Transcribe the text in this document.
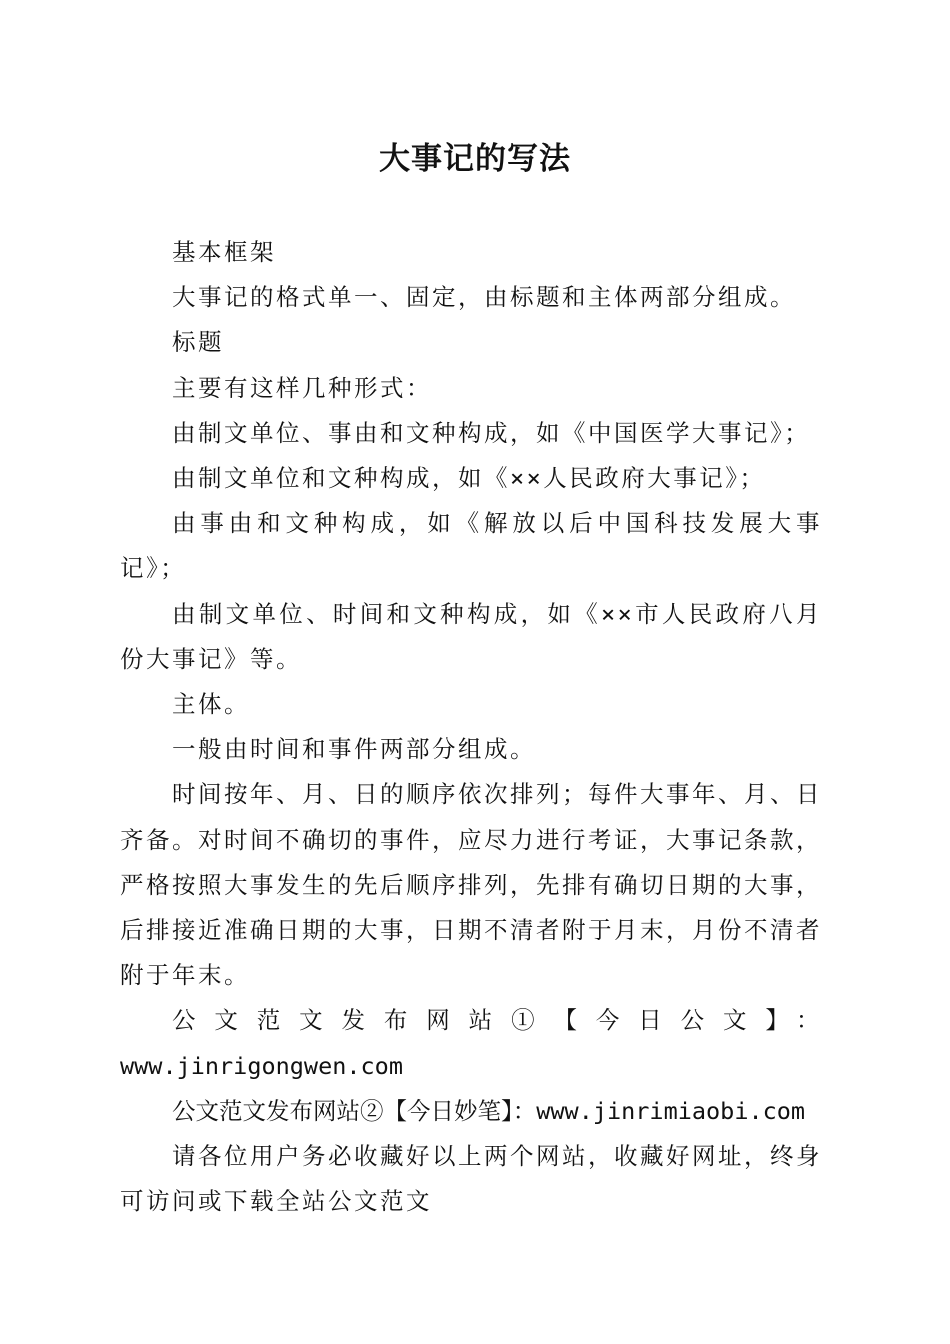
大事记的写法

基本框架

大事记的格式单一、固定，由标题和主体两部分组成。

标题

主要有这样几种形式：

由制文单位、事由和文种构成，如《中国医学大事记》；

由制文单位和文种构成，如《××人民政府大事记》；

由事由和文种构成，如《解放以后中国科技发展大事记》；

由制文单位、时间和文种构成，如《××市人民政府八月份大事记》等。

主体。

一般由时间和事件两部分组成。

时间按年、月、日的顺序依次排列；每件大事年、月、日齐备。对时间不确切的事件，应尽力进行考证，大事记条款，严格按照大事发生的先后顺序排列，先排有确切日期的大事，后排接近准确日期的大事，日期不清者附于月末，月份不清者附于年末。

公文范文发布网站①【今日公文】：

www.jinrigongwen.com

公文范文发布网站②【今日妙笔】：www.jinrimiaobi.com

请各位用户务必收藏好以上两个网站，收藏好网址，终身可访问或下载全站公文范文
